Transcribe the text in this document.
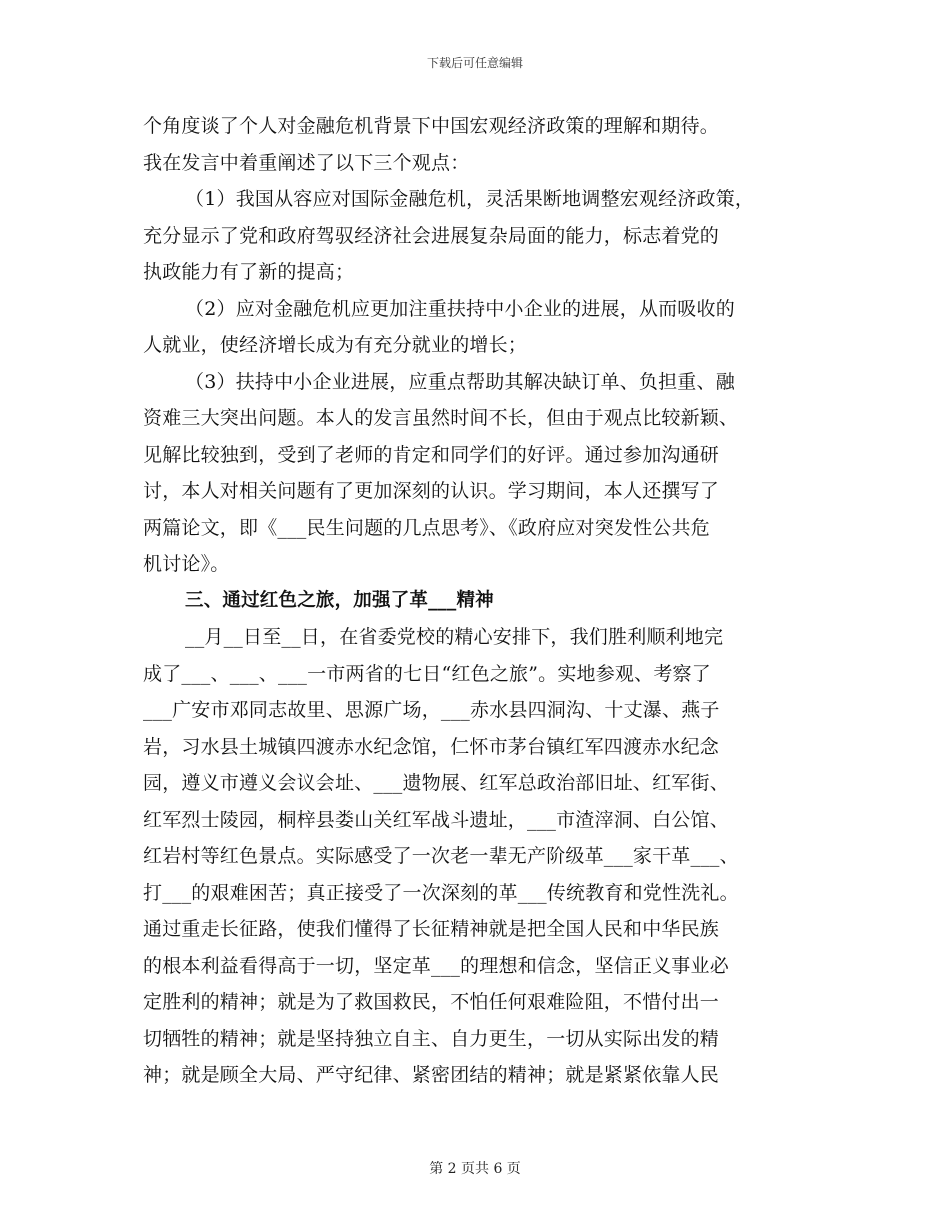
下载后可任意编辑
个角度谈了个人对金融危机背景下中国宏观经济政策的理解和期待。
我在发言中着重阐述了以下三个观点：
（1）我国从容应对国际金融危机，灵活果断地调整宏观经济政策，
充分显示了党和政府驾驭经济社会进展复杂局面的能力，标志着党的
执政能力有了新的提高；
（2）应对金融危机应更加注重扶持中小企业的进展，从而吸收的
人就业，使经济增长成为有充分就业的增长；
（3）扶持中小企业进展，应重点帮助其解决缺订单、负担重、融
资难三大突出问题。本人的发言虽然时间不长，但由于观点比较新颖、
见解比较独到，受到了老师的肯定和同学们的好评。通过参加沟通研
讨，本人对相关问题有了更加深刻的认识。学习期间，本人还撰写了
两篇论文，即《___民生问题的几点思考》、《政府应对突发性公共危
机讨论》。
三、通过红色之旅，加强了革___精神
__月__日至__日，在省委党校的精心安排下，我们胜利顺利地完
成了___、___、___一市两省的七日“红色之旅”。实地参观、考察了
___广安市邓同志故里、思源广场，___赤水县四洞沟、十丈瀑、燕子
岩，习水县土城镇四渡赤水纪念馆，仁怀市茅台镇红军四渡赤水纪念
园，遵义市遵义会议会址、___遗物展、红军总政治部旧址、红军街、
红军烈士陵园，桐梓县娄山关红军战斗遗址，___市渣滓洞、白公馆、
红岩村等红色景点。实际感受了一次老一辈无产阶级革___家干革___、
打___的艰难困苦；真正接受了一次深刻的革___传统教育和党性洗礼。
通过重走长征路，使我们懂得了长征精神就是把全国人民和中华民族
的根本利益看得高于一切，坚定革___的理想和信念，坚信正义事业必
定胜利的精神；就是为了救国救民，不怕任何艰难险阻，不惜付出一
切牺牲的精神；就是坚持独立自主、自力更生，一切从实际出发的精
神；就是顾全大局、严守纪律、紧密团结的精神；就是紧紧依靠人民
第 2 页共 6 页
